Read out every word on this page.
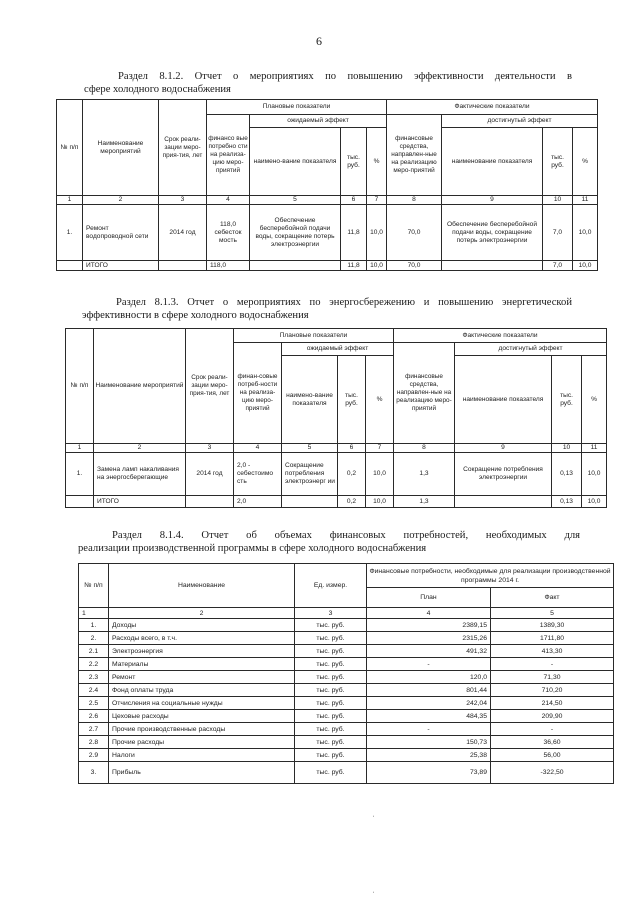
6
Раздел 8.1.2. Отчет о мероприятиях по повышению эффективности деятельности в
сфере холодного водоснабжения
№ п/п	Наименование мероприятий	Срок реали-зации меро-прия-тия, лет	Плановые показатели				Фактические показатели			
			финансо вые потребно сти на реализа-цию меро-приятий	ожидаемый эффект			финансовые средства, направлен-ные на реализацию меро-приятий	достигнутый эффект		
				наимено-вание показателя	тыс. руб.	%		наименование показателя	тыс. руб.	%
1	2	3	4	5	6	7	8	9	10	11
1.	Ремонт водопроводной сети	2014 год	118,0 себесток мость	Обеспечение бесперебойной подачи воды, сокращение потерь электроэнергии	11,8	10,0	70,0	Обеспечение бесперебойной подачи воды, сокращение потерь электроэнергии	7,0	10,0
	ИТОГО		118,0		11,8	10,0	70,0		7,0	10,0
Раздел 8.1.3. Отчет о мероприятиях по энергосбережению и повышению энергетической
эффективности в сфере холодного водоснабжения
№ п/п	Наименование мероприятий	Срок реали-зации меро-прия-тия, лет	Плановые показатели				Фактические показатели			
			финан-совые потреб-ности на реализа-цию меро-приятий	ожидаемый эффект			финансовые средства, направлен-ные на реализацию меро-приятий	достигнутый эффект		
				наимено-вание показателя	тыс. руб.	%		наименование показателя	тыс. руб.	%
1	2	3	4	5	6	7	8	9	10	11
1.	Замена ламп накаливания на энергосберегающие	2014 год	2,0 - себестоимо сть	Сокращение потребления электроэнерг ии	0,2	10,0	1,3	Сокращение потребления электроэнергии	0,13	10,0
	ИТОГО		2,0		0,2	10,0	1,3		0,13	10,0
Раздел 8.1.4. Отчет об объемах финансовых потребностей, необходимых для
реализации производственной программы в сфере холодного водоснабжения
№ п/п	Наименование	Ед. измер.	Финансовые потребности, необходимые для реализации производственной программы 2014 г.	
			План	Факт
1	2	3	4	5
1.	Доходы	тыс. руб.	2389,15	1389,30
2.	Расходы всего, в т.ч.	тыс. руб.	2315,26	1711,80
2.1	Электроэнергия	тыс. руб.	491,32	413,30
2.2	Материалы	тыс. руб.	-	-
2.3	Ремонт	тыс. руб.	120,0	71,30
2.4	Фонд оплаты труда	тыс. руб.	801,44	710,20
2.5	Отчисления на социальные нужды	тыс. руб.	242,04	214,50
2.6	Цеховые расходы	тыс. руб.	484,35	209,90
2.7	Прочие производственные расходы	тыс. руб.	-	-
2.8	Прочие расходы	тыс. руб.	150,73	36,60
2.9	Налоги	тыс. руб.	25,38	56,00
3.	Прибыль	тыс. руб.	73,89	-322,50
ˌ
ˌ
